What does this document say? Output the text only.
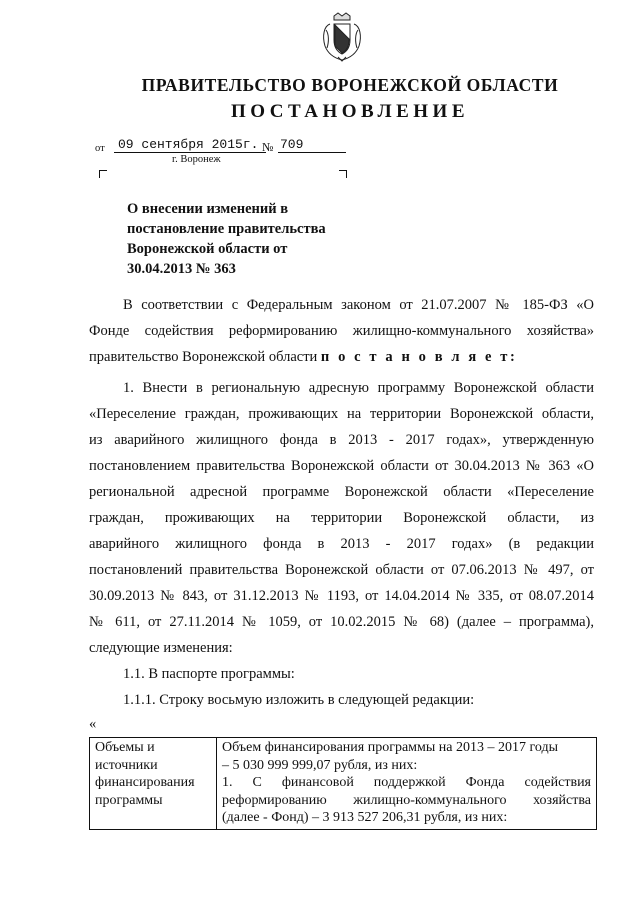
ПРАВИТЕЛЬСТВО ВОРОНЕЖСКОЙ ОБЛАСТИ
ПОСТАНОВЛЕНИЕ
от	09 сентября 2015г. № 709
г. Воронеж
О внесении изменений в
постановление правительства
Воронежской области от
30.04.2013 № 363
В соответствии с Федеральным законом от 21.07.2007 № 185-ФЗ «О
Фонде содействия реформированию жилищно-коммунального хозяйства»
правительство Воронежской области п о с т а н о в л я е т:
1. Внести в региональную адресную программу Воронежской области
«Переселение граждан, проживающих на территории Воронежской области,
из аварийного жилищного фонда в 2013 - 2017 годах», утвержденную
постановлением правительства Воронежской области от 30.04.2013 № 363 «О
региональной адресной программе Воронежской области «Переселение
граждан, проживающих на территории Воронежской области, из
аварийного жилищного фонда в 2013 - 2017 годах» (в редакции
постановлений правительства Воронежской области от 07.06.2013 № 497, от
30.09.2013 № 843, от 31.12.2013 № 1193, от 14.04.2014 № 335, от 08.07.2014
№ 611, от 27.11.2014 № 1059, от 10.02.2015 № 68) (далее – программа),
следующие изменения:
1.1. В паспорте программы:
1.1.1. Строку восьмую изложить в следующей редакции:
«
Объемы и
источники
финансирования
программы

Объем финансирования программы на 2013 – 2017 годы
– 5 030 999 999,07 рубля, из них:
1. С финансовой поддержкой Фонда содействия
реформированию жилищно-коммунального хозяйства
(далее - Фонд) – 3 913 527 206,31 рубля, из них:
